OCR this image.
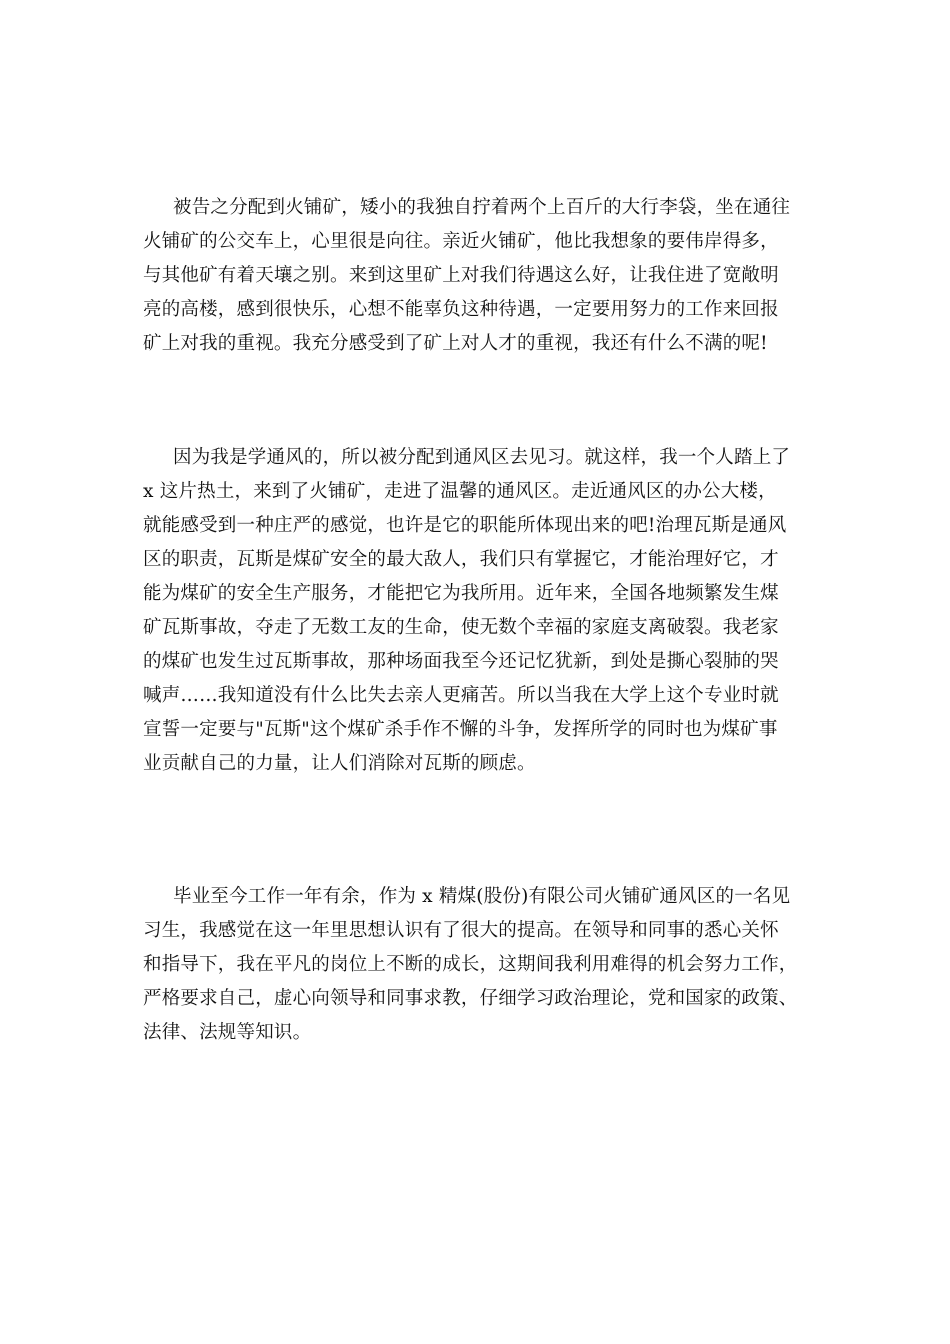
被告之分配到火铺矿，矮小的我独自拧着两个上百斤的大行李袋，坐在通往
火铺矿的公交车上，心里很是向往。亲近火铺矿，他比我想象的要伟岸得多，
与其他矿有着天壤之别。来到这里矿上对我们待遇这么好，让我住进了宽敞明
亮的高楼，感到很快乐，心想不能辜负这种待遇，一定要用努力的工作来回报
矿上对我的重视。我充分感受到了矿上对人才的重视，我还有什么不满的呢!
因为我是学通风的，所以被分配到通风区去见习。就这样，我一个人踏上了
x 这片热土，来到了火铺矿，走进了温馨的通风区。走近通风区的办公大楼，
就能感受到一种庄严的感觉，也许是它的职能所体现出来的吧!治理瓦斯是通风
区的职责，瓦斯是煤矿安全的最大敌人，我们只有掌握它，才能治理好它，才
能为煤矿的安全生产服务，才能把它为我所用。近年来，全国各地频繁发生煤
矿瓦斯事故，夺走了无数工友的生命，使无数个幸福的家庭支离破裂。我老家
的煤矿也发生过瓦斯事故，那种场面我至今还记忆犹新，到处是撕心裂肺的哭
喊声……我知道没有什么比失去亲人更痛苦。所以当我在大学上这个专业时就
宣誓一定要与"瓦斯"这个煤矿杀手作不懈的斗争，发挥所学的同时也为煤矿事
业贡献自己的力量，让人们消除对瓦斯的顾虑。
毕业至今工作一年有余，作为 x 精煤(股份)有限公司火铺矿通风区的一名见
习生，我感觉在这一年里思想认识有了很大的提高。在领导和同事的悉心关怀
和指导下，我在平凡的岗位上不断的成长，这期间我利用难得的机会努力工作，
严格要求自己，虚心向领导和同事求教，仔细学习政治理论，党和国家的政策、
法律、法规等知识。
